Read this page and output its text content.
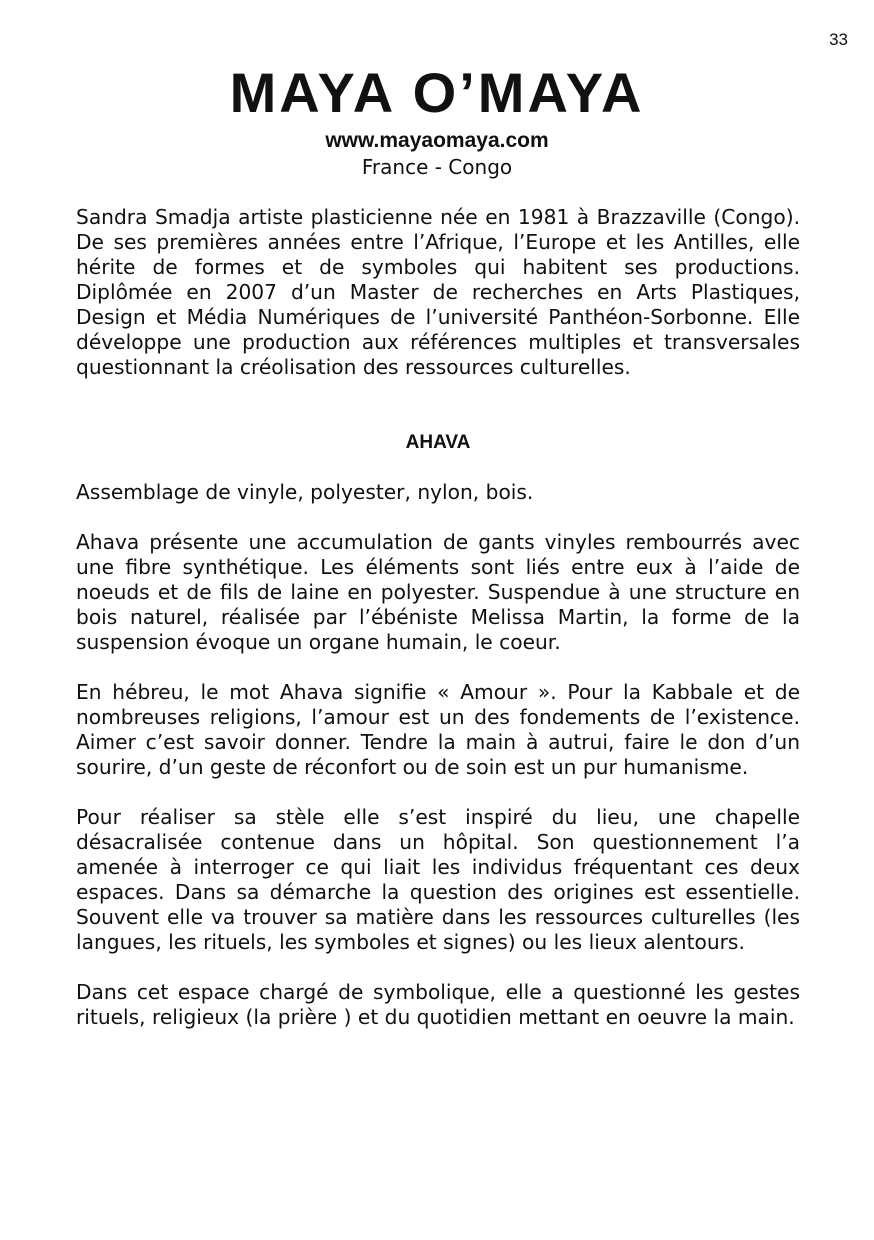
33
MAYA O’MAYA
www.mayaomaya.com
France - Congo

Sandra Smadja artiste plasticienne née en 1981 à Brazzaville (Congo). De ses premières années entre l’Afrique, l’Europe et les Antilles, elle hérite de formes et de symboles qui habitent ses productions. Diplômée en 2007 d’un Master de recherches en Arts Plastiques, Design et Média Numériques de l’université Panthéon-Sorbonne. Elle développe une production aux références multiples et transversales questionnant la créolisation des ressources culturelles.

AHAVA

Assemblage de vinyle, polyester, nylon, bois.

Ahava présente une accumulation de gants vinyles rembourrés avec une fibre synthétique. Les éléments sont liés entre eux à l’aide de noeuds et de fils de laine en polyester. Suspendue à une structure en bois naturel, réalisée par l’ébéniste Melissa Martin, la forme de la suspension évoque un organe humain, le coeur.

En hébreu, le mot Ahava signifie « Amour ». Pour la Kabbale et de nombreuses religions, l’amour est un des fondements de l’existence. Aimer c’est savoir donner. Tendre la main à autrui, faire le don d’un sourire, d’un geste de réconfort ou de soin est un pur humanisme.

Pour réaliser sa stèle elle s’est inspiré du lieu, une chapelle désacralisée contenue dans un hôpital. Son questionnement l’a amenée à interroger ce qui liait les individus fréquentant ces deux espaces. Dans sa démarche la question des origines est essentielle. Souvent elle va trouver sa matière dans les ressources culturelles (les langues, les rituels, les symboles et signes) ou les lieux alentours.

Dans cet espace chargé de symbolique, elle a questionné les gestes rituels, religieux (la prière ) et du quotidien mettant en oeuvre la main.
